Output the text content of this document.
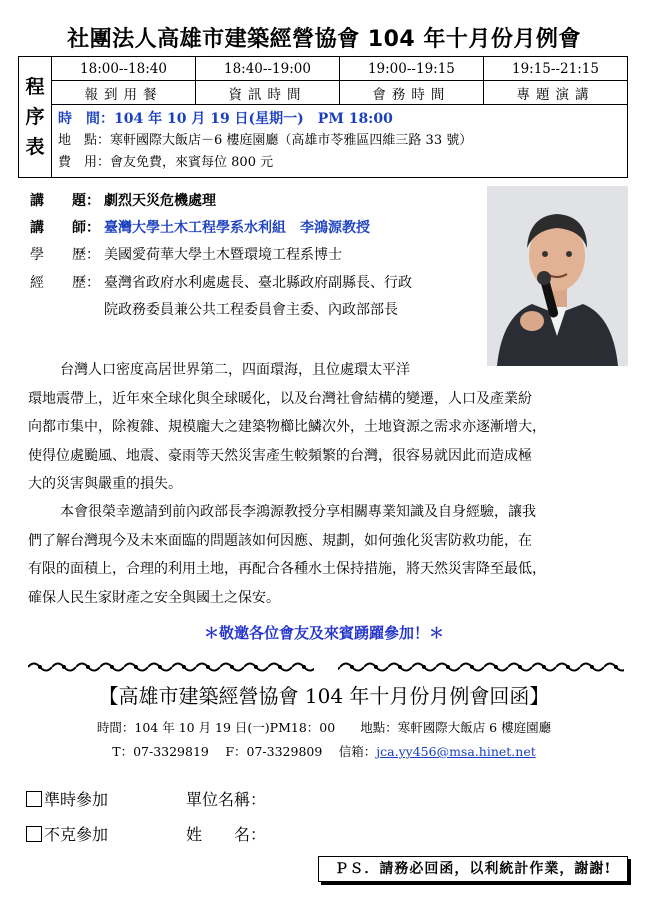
社團法人高雄市建築經營協會 104 年十月份月例會
程
序
表	18:00--18:40	18:40--19:00	19:00--19:15	19:15--21:15
	報到用餐	資訊時間	會務時間	專題演講

	時　間：104 年 10 月 19 日(星期一)　PM 18:00
地　點：寒軒國際大飯店－6 樓庭園廳（高雄市苓雅區四維三路 33 號）
費　用：會友免費，來賓每位 800 元			
講　　題： 劇烈天災危機處理
講　　師： 臺灣大學土木工程學系水利組　李鴻源教授
學　　歷： 美國愛荷華大學土木暨環境工程系博士
經　　歷： 臺灣省政府水利處處長、臺北縣政府副縣長、行政
院政務委員兼公共工程委員會主委、內政部部長
台灣人口密度高居世界第二，四面環海，且位處環太平洋
環地震帶上，近年來全球化與全球暖化，以及台灣社會結構的變遷，人口及產業紛
向都市集中，除複雜、規模龐大之建築物櫛比鱗次外，土地資源之需求亦逐漸增大，
使得位處颱風、地震、豪雨等天然災害產生較頻繁的台灣，很容易就因此而造成極
大的災害與嚴重的損失。
本會很榮幸邀請到前內政部長李鴻源教授分享相關專業知識及自身經驗，讓我
們了解台灣現今及未來面臨的問題該如何因應、規劃，如何強化災害防救功能，在
有限的面積上，合理的利用土地，再配合各種水土保持措施，將天然災害降至最低，
確保人民生家財產之安全與國土之保安。
＊敬邀各位會友及來賓踴躍參加！＊
【高雄市建築經營協會 104 年十月份月例會回函】
時間：104 年 10 月 19 日(一)PM18：00　　地點：寒軒國際大飯店 6 樓庭園廳
T：07-3329819　 F：07-3329809　 信箱：jca.yy456@msa.hinet.net
準時參加	單位名稱：
不克參加	姓　　名：
ＰＳ．請務必回函，以利統計作業，謝謝!
